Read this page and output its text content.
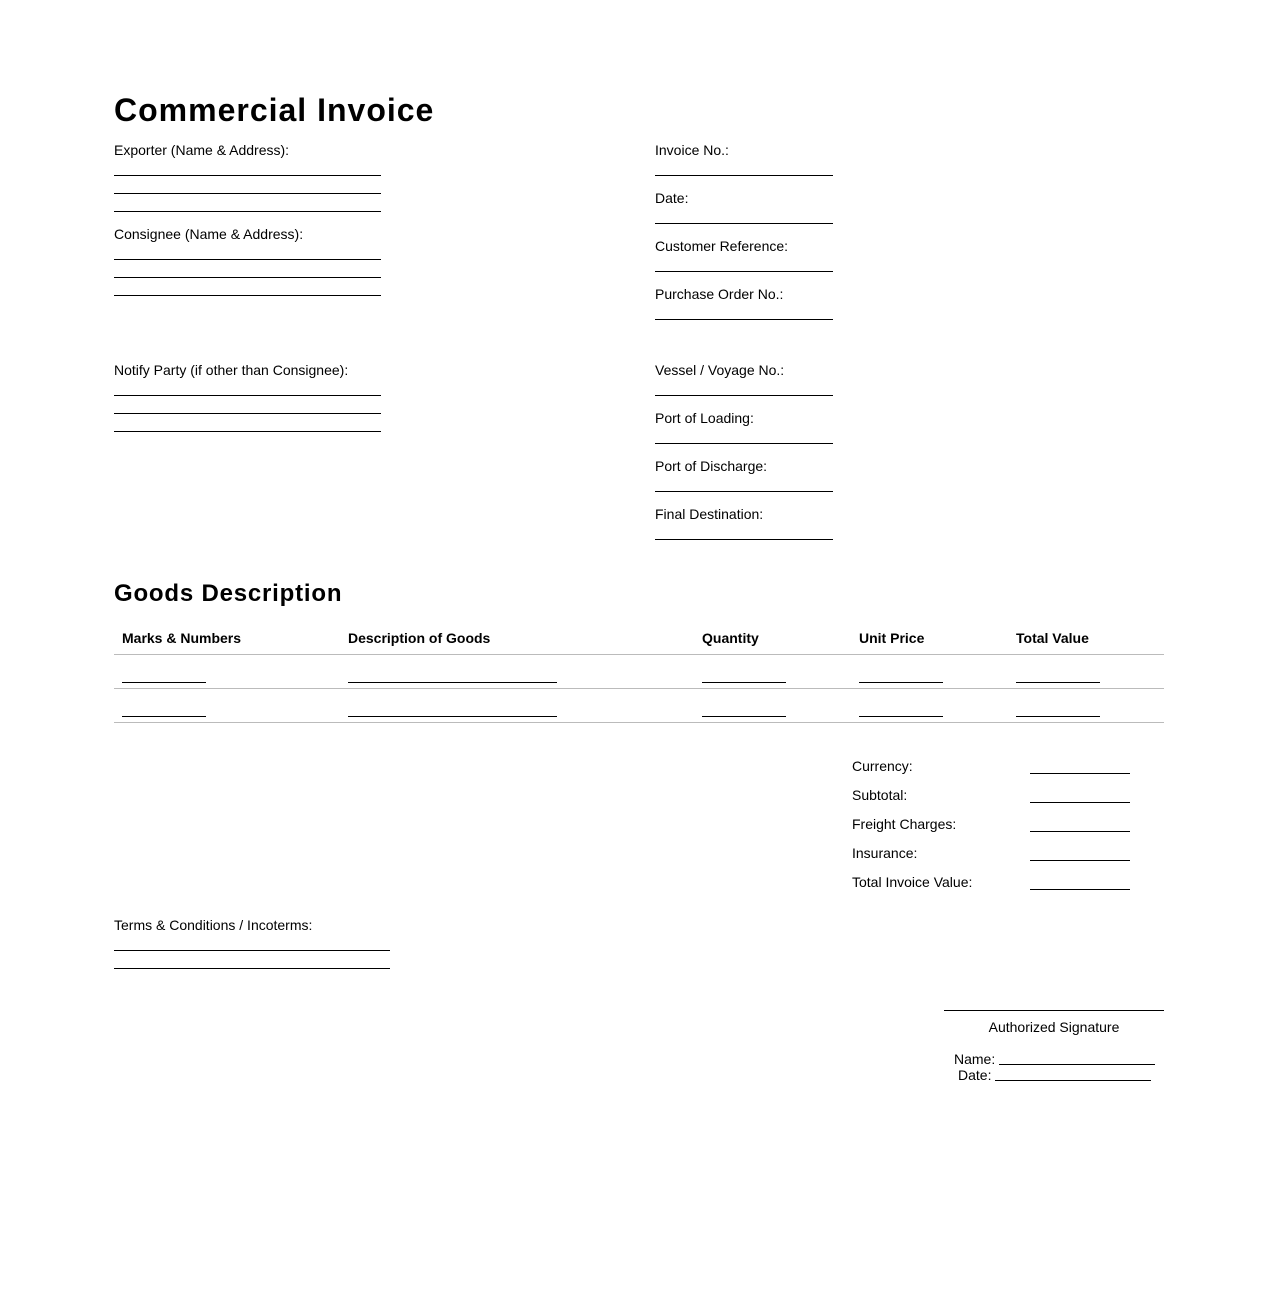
Commercial Invoice
Exporter (Name & Address):
Consignee (Name & Address):
Notify Party (if other than Consignee):
Invoice No.:
Date:
Customer Reference:
Purchase Order No.:
Vessel / Voyage No.:
Port of Loading:
Port of Discharge:
Final Destination:
Goods Description
Marks & Numbers	Description of Goods	Quantity	Unit Price	Total Value

Currency:
Subtotal:
Freight Charges:
Insurance:
Total Invoice Value:
Terms & Conditions / Incoterms:
Authorized Signature
Name:
Date:
